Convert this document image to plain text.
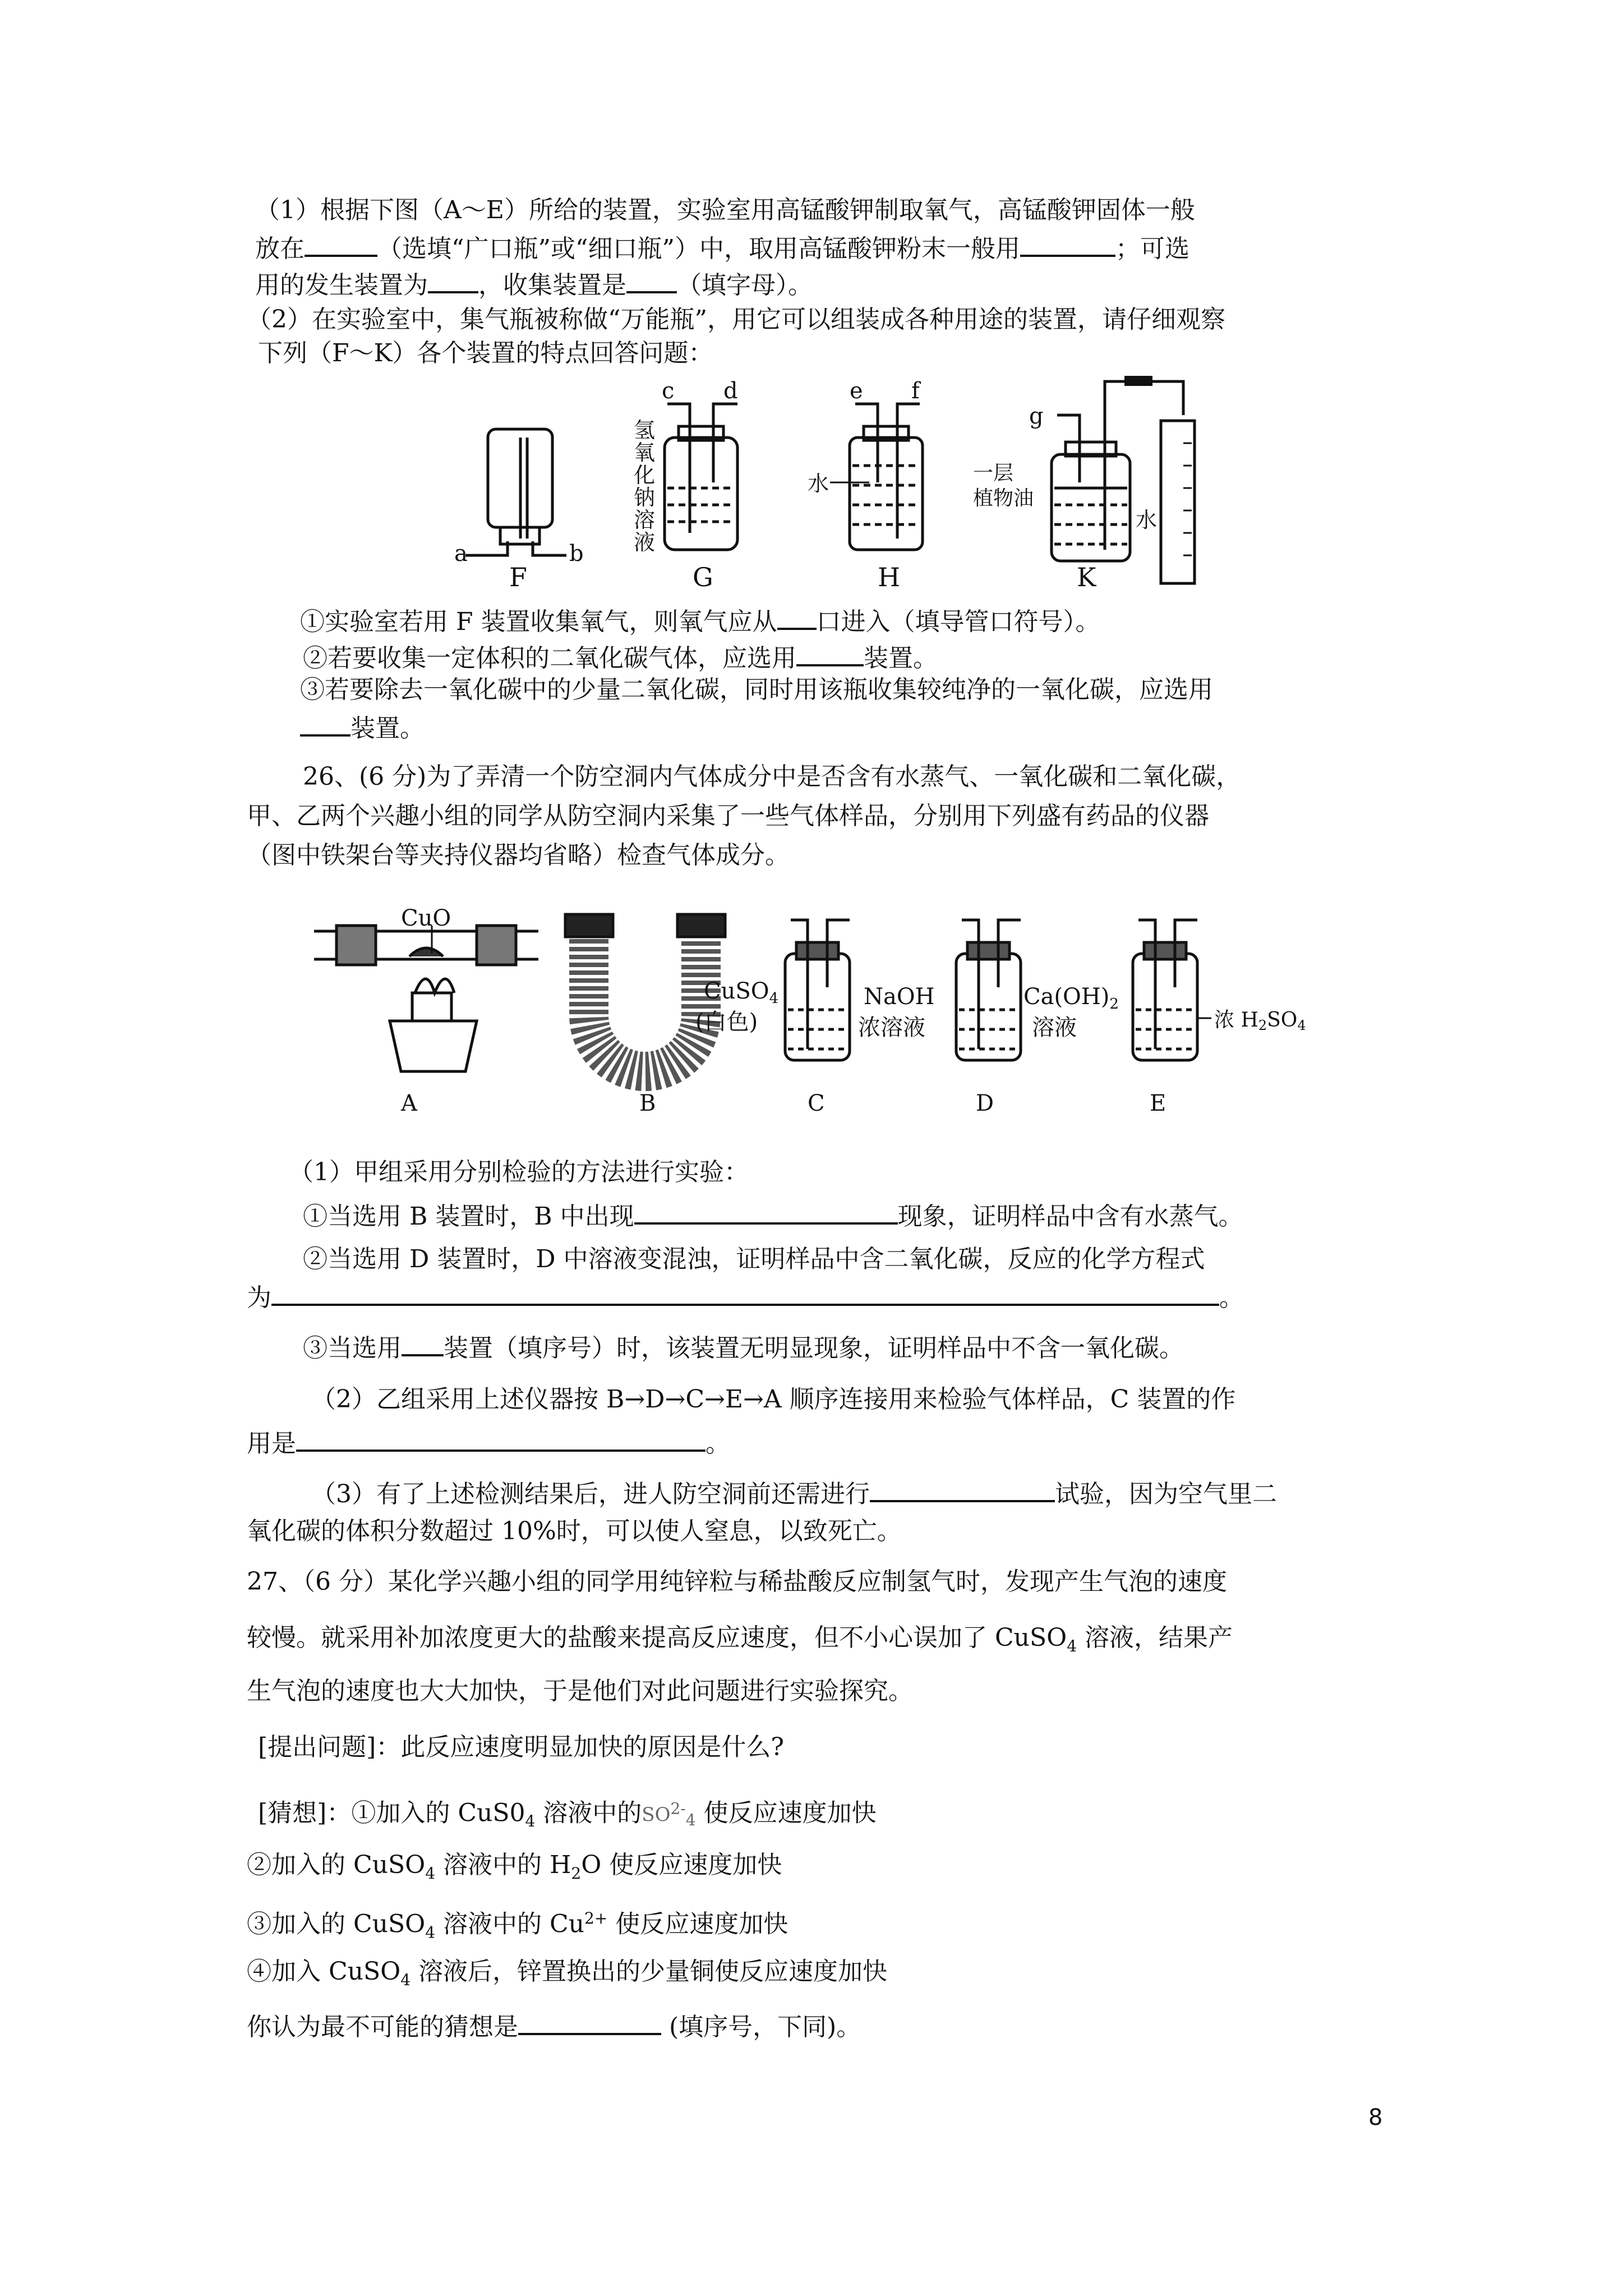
（1）根据下图（A～E）所给的装置，实验室用高锰酸钾制取氧气，高锰酸钾固体一般
放在	（选填“广口瓶”或“细口瓶”）中，取用高锰酸钾粉末一般用	；可选
用的发生装置为 ，收集装置是 （填字母）。
（2）在实验室中，集气瓶被称做“万能瓶”，用它可以组装成各种用途的装置，请仔细观察
下列（F～K）各个装置的特点回答问题：
a	b
F
氢
氧
化
钠
溶
液
c d
G
e f
水
H
g
一层
植物油
水
K
①实验室若用 F 装置收集氧气，则氧气应从 口进入（填导管口符号）。
②若要收集一定体积的二氧化碳气体，应选用	装置。
③若要除去一氧化碳中的少量二氧化碳，同时用该瓶收集较纯净的一氧化碳，应选用
装置。
26、(6 分)为了弄清一个防空洞内气体成分中是否含有水蒸气、一氧化碳和二氧化碳，
甲、乙两个兴趣小组的同学从防空洞内采集了一些气体样品，分别用下列盛有药品的仪器
（图中铁架台等夹持仪器均省略）检查气体成分。
CuO
A
CuSO$_4$
(白色)
B
NaOH
浓溶液
C
$Ca(OH)_2$
溶液
D
浓 H2SO4
E
（1）甲组采用分别检验的方法进行实验：
①当选用 B 装置时，B 中出现	现象，证明样品中含有水蒸气。
②当选用 D 装置时，D 中溶液变混浊，证明样品中含二氧化碳，反应的化学方程式
为	。
③当选用 装置（填序号）时，该装置无明显现象，证明样品中不含一氧化碳。
（2）乙组采用上述仪器按 B→D→C→E→A 顺序连接用来检验气体样品，C 装置的作
用是	。
（3）有了上述检测结果后，进人防空洞前还需进行	试验，因为空气里二
氧化碳的体积分数超过 10%时，可以使人窒息，以致死亡。
27、（6 分）某化学兴趣小组的同学用纯锌粒与稀盐酸反应制氢气时，发现产生气泡的速度
较慢。就采用补加浓度更大的盐酸来提高反应速度，但不小心误加了 CuSO$_4$ 溶液，结果产
生气泡的速度也大大加快，于是他们对此问题进行实验探究。
[提出问题]：此反应速度明显加快的原因是什么?
[猜想]：①加入的 $CuS0_4$ 溶液中的$SO^{2-}_4$ 使反应速度加快
②加入的 CuSO$_4$ 溶液中的 $H_2O$ 使反应速度加快
③加入的 CuSO$_4$ 溶液中的 $Cu^{2+}$ 使反应速度加快
④加入 CuSO$_4$ 溶液后，锌置换出的少量铜使反应速度加快
你认为最不可能的猜想是	(填序号，下同)。
8
